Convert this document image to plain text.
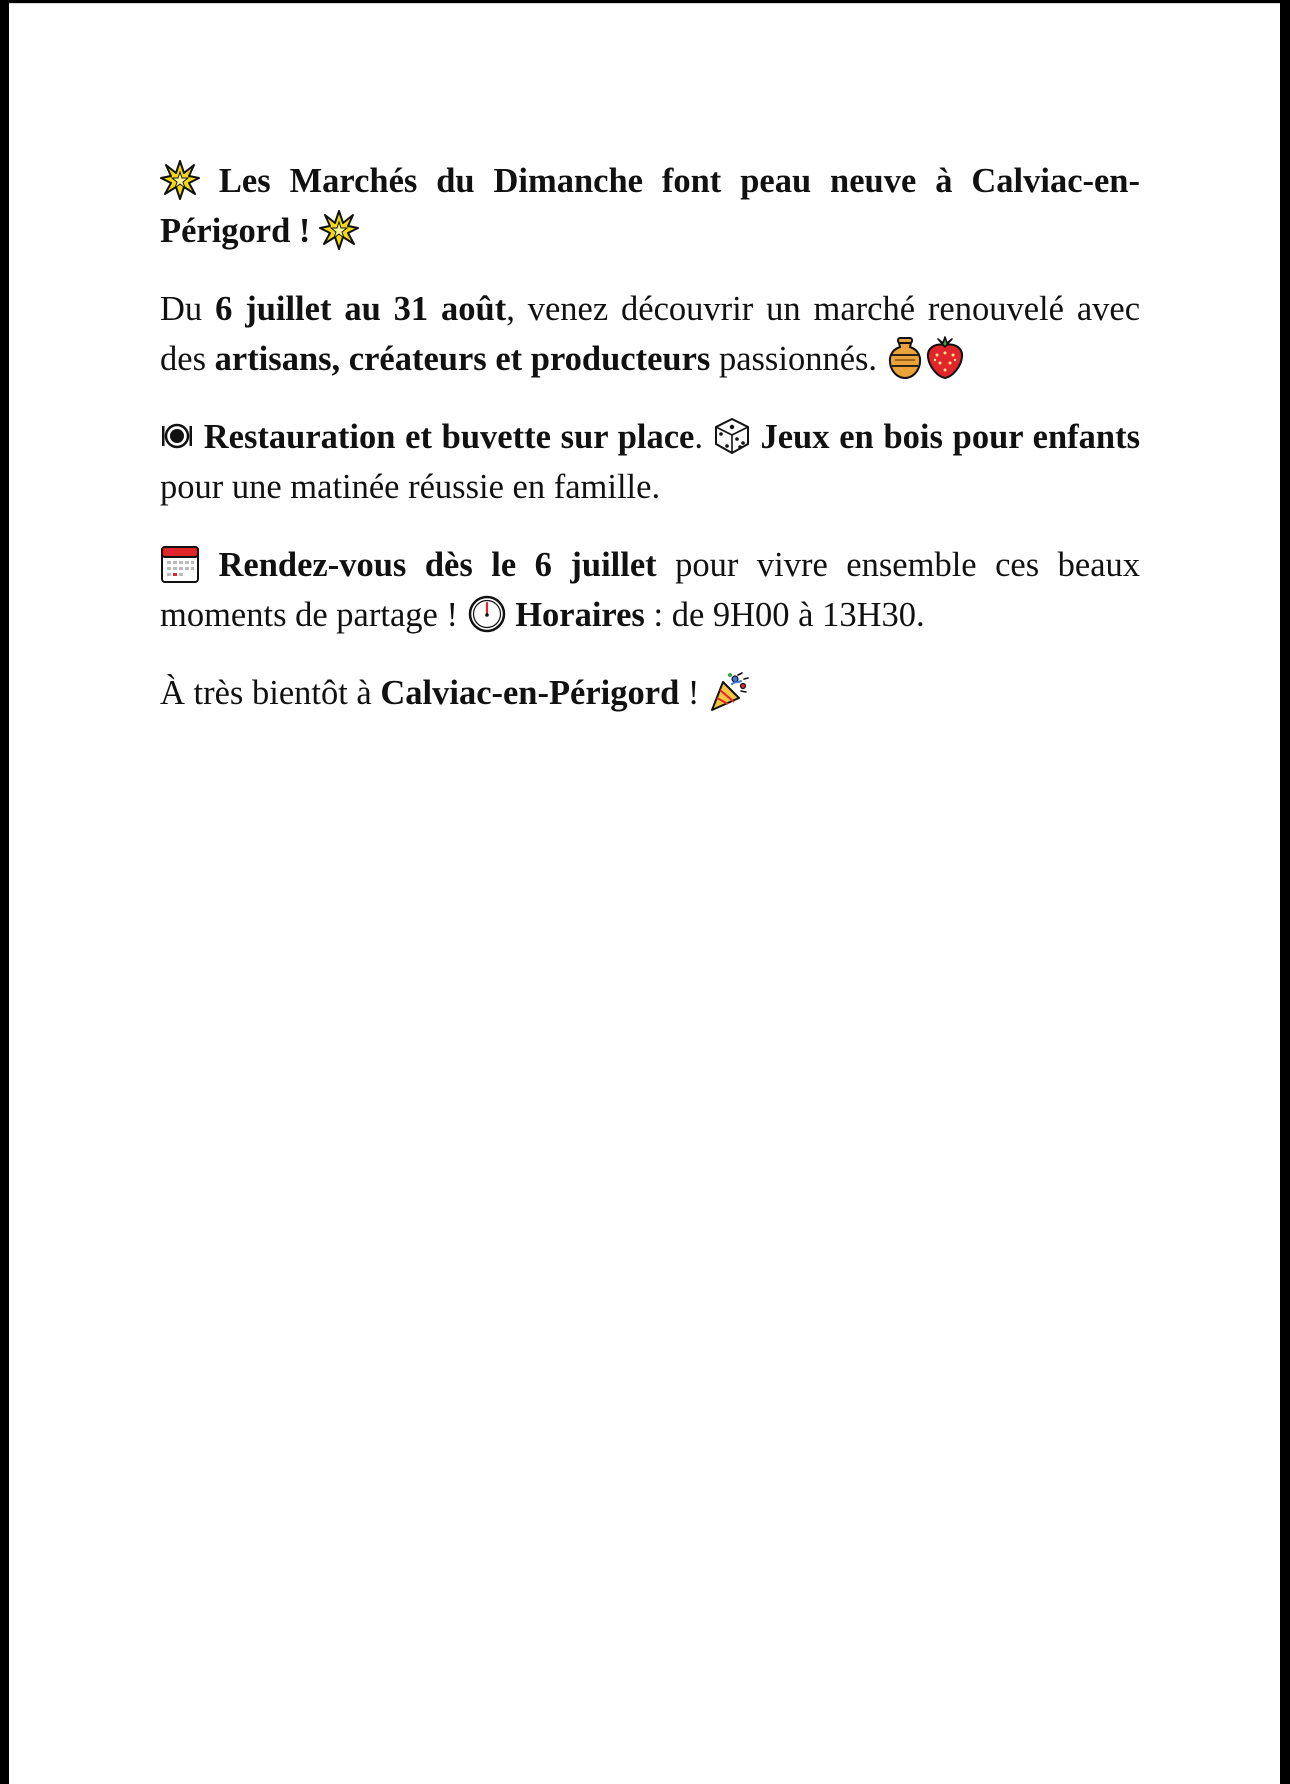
Les Marchés du Dimanche font peau neuve à Calviac-en-Périgord !

Du 6 juillet au 31 août, venez découvrir un marché renouvelé avec des artisans, créateurs et producteurs passionnés.

Restauration et buvette sur place.
Jeux en bois pour enfants pour une matinée réussie en famille.

Rendez-vous dès le 6 juillet pour vivre ensemble ces beaux moments de partage !
Horaires : de 9H00 à 13H30.

À très bientôt à Calviac-en-Périgord !
